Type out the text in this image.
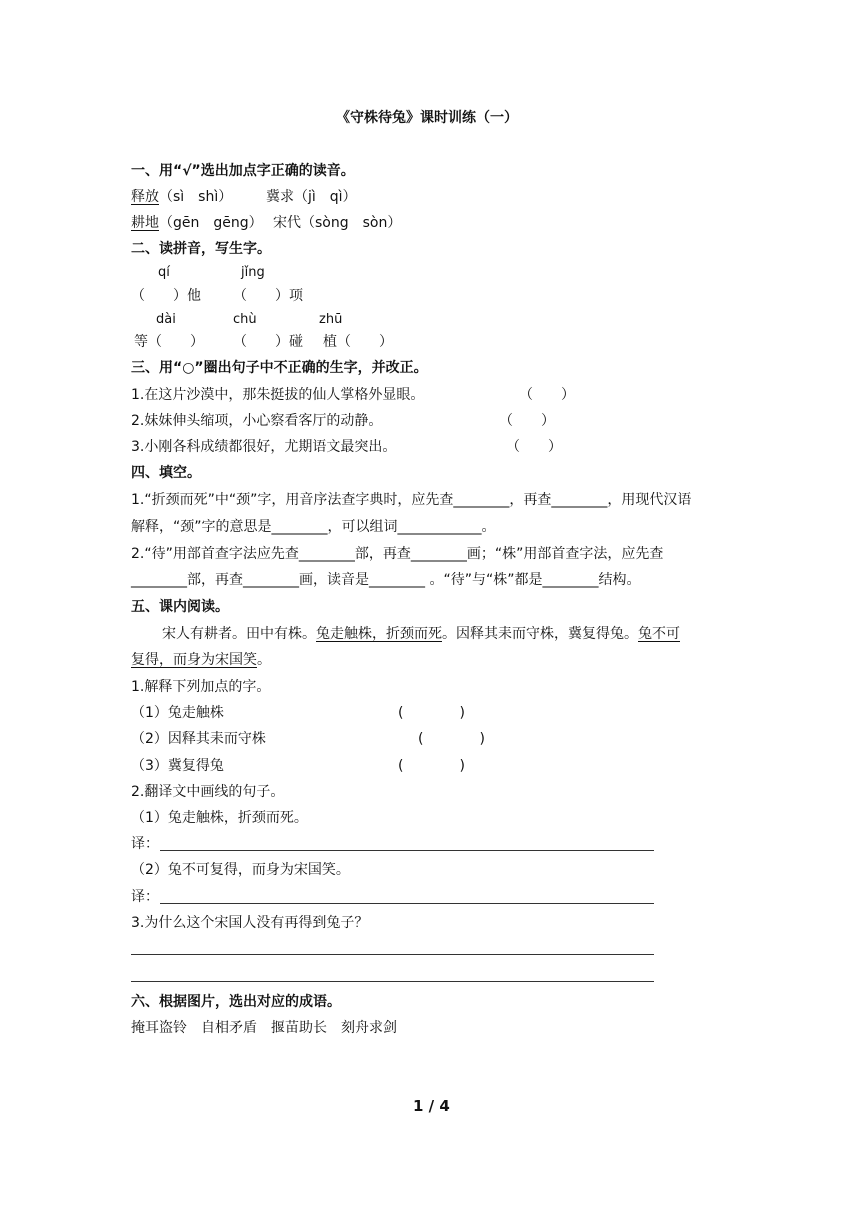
《守株待兔》课时训练（一）
一、用“√”选出加点字正确的读音。
释放（sì　shì） 冀求（jì　qì）
耕地（gēn　gēng） 宋代（sòng　sòn）
二、读拼音，写生字。
qí	jǐng
（　　）他 （　　）项
dài	chù	zhū
等（　　） （　　）碰 植（　　）
三、用“○”圈出句子中不正确的生字，并改正。
1.在这片沙漠中，那朱挺拔的仙人掌格外显眼。	（　　）
2.妹妹伸头缩项，小心察看客厅的动静。	（　　）
3.小刚各科成绩都很好，尤期语文最突出。	（　　）
四、填空。
1.“折颈而死”中“颈”字，用音序法查字典时，应先查________，再查________，用现代汉语
解释，“颈”字的意思是________，可以组词____________。
2.“待”用部首查字法应先查________部，再查________画；“株”用部首查字法，应先查
________部，再查________画，读音是________ 。“待”与“株”都是________结构。
五、课内阅读。
宋人有耕者。田中有株。兔走触株，折颈而死。因释其耒而守株，冀复得兔。兔不可
复得，而身为宋国笑。
1.解释下列加点的字。
（1）兔走触株	(　　　　)
（2）因释其耒而守株	(　　　　)
（3）冀复得兔	(　　　　)
2.翻译文中画线的句子。
（1）兔走触株，折颈而死。
译：
（2）兔不可复得，而身为宋国笑。
译：
3.为什么这个宋国人没有再得到兔子？
六、根据图片，选出对应的成语。
掩耳盗铃　自相矛盾　揠苗助长　刻舟求剑
1 / 4
